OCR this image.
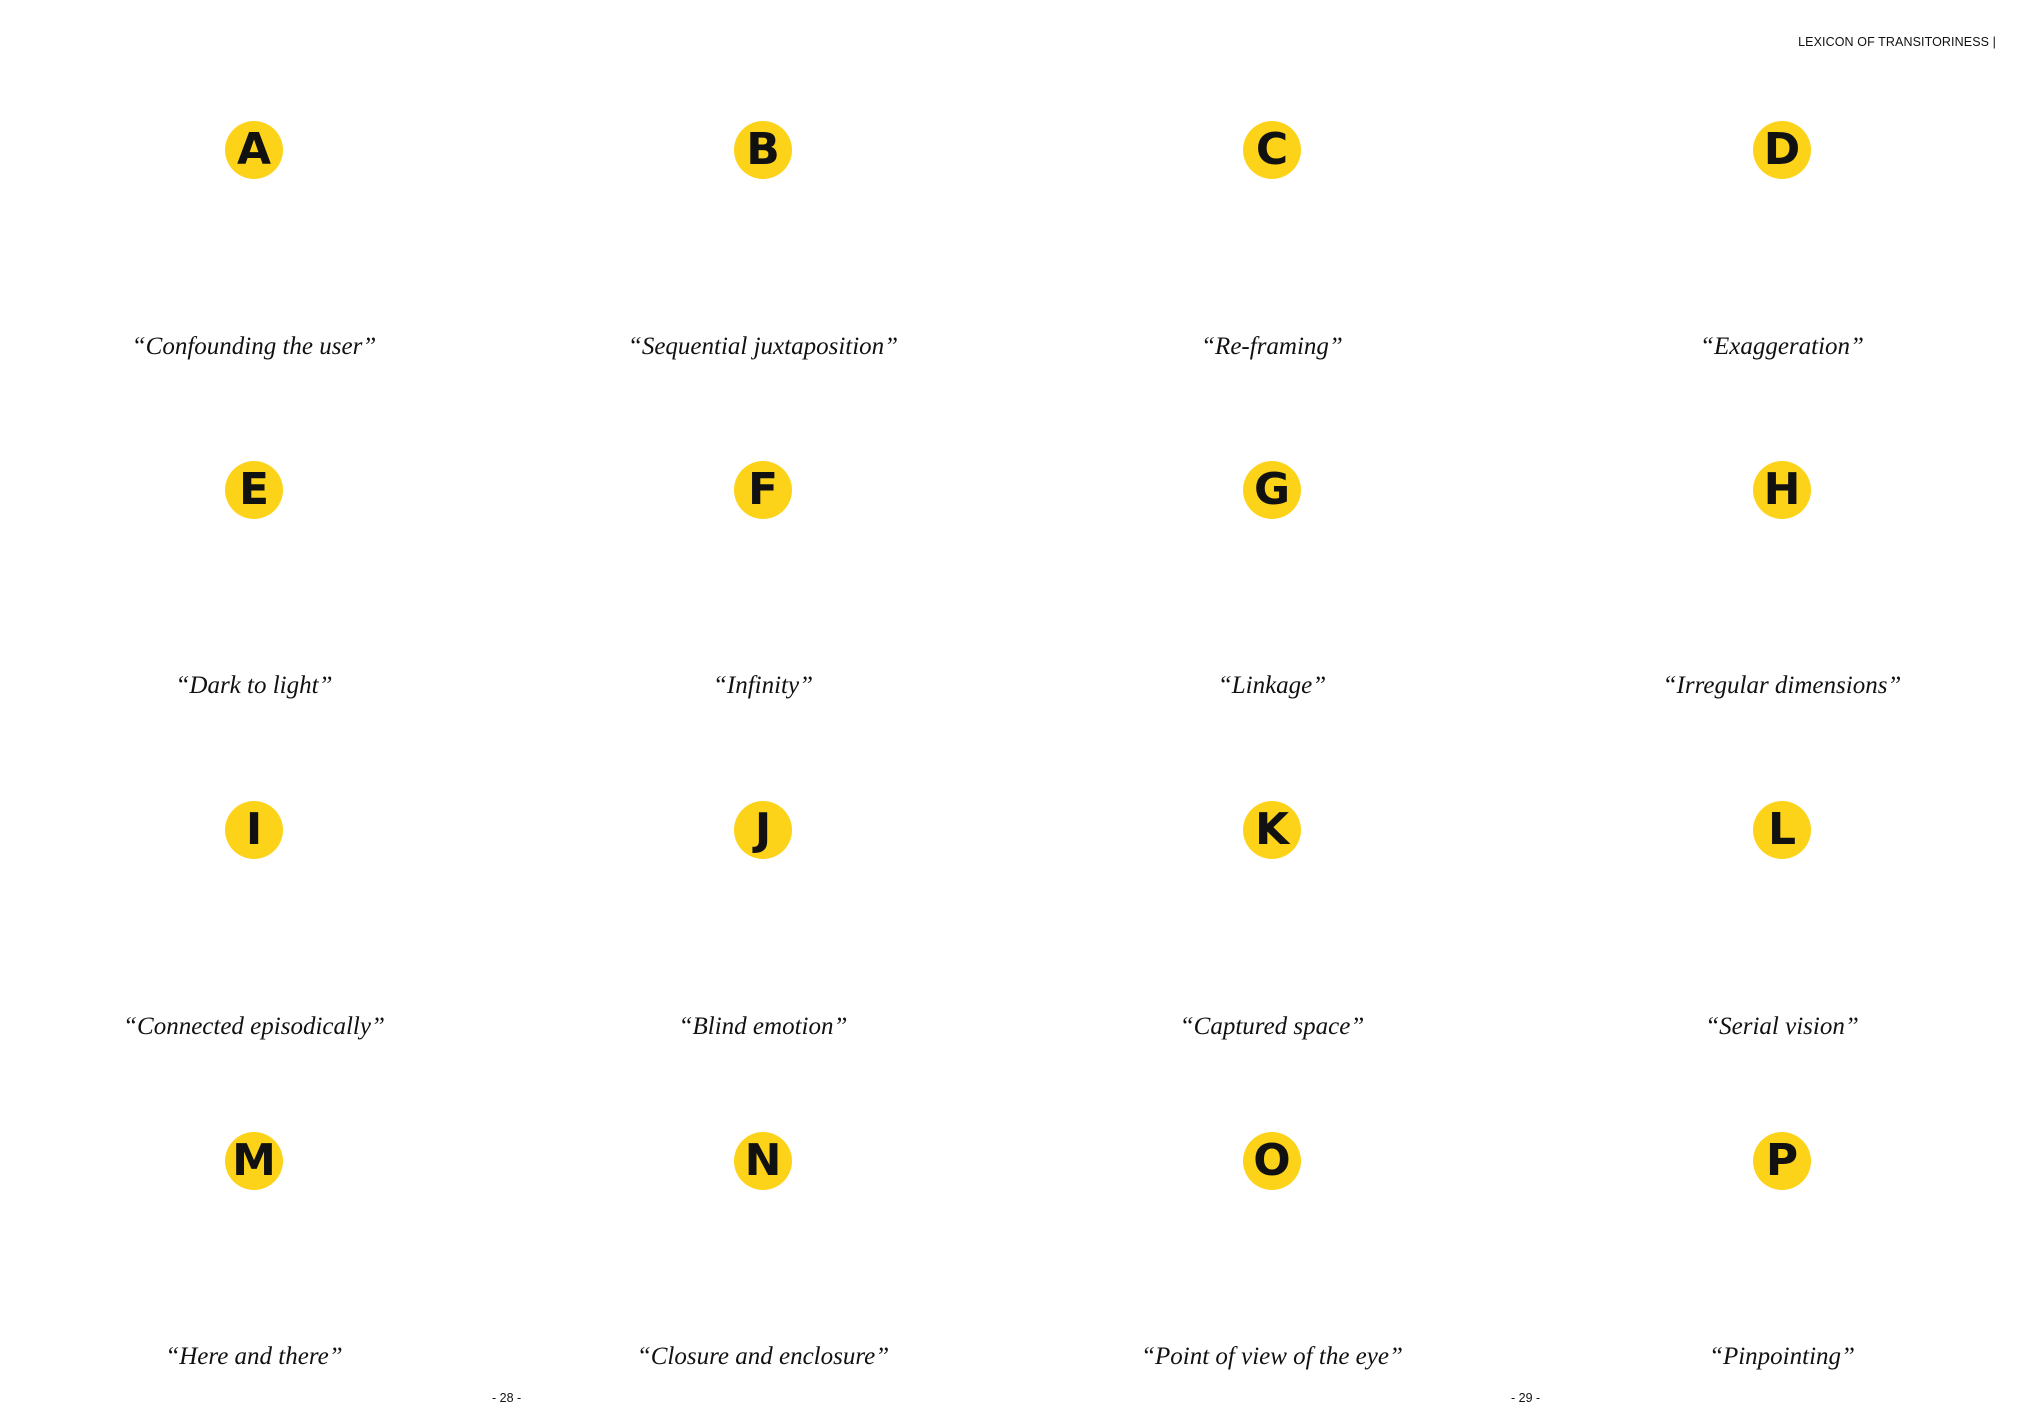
LEXICON OF TRANSITORINESS |
A
“Confounding the user”
B
“Sequential juxtaposition”
C
“Re-framing”
D
“Exaggeration”
E
“Dark to light”
F
“Infinity”
G
“Linkage”
H
“Irregular dimensions”
I
“Connected episodically”
J
“Blind emotion”
K
“Captured space”
L
“Serial vision”
M
“Here and there”
N
“Closure and enclosure”
O
“Point of view of the eye”
P
“Pinpointing”
- 28 -	- 29 -
